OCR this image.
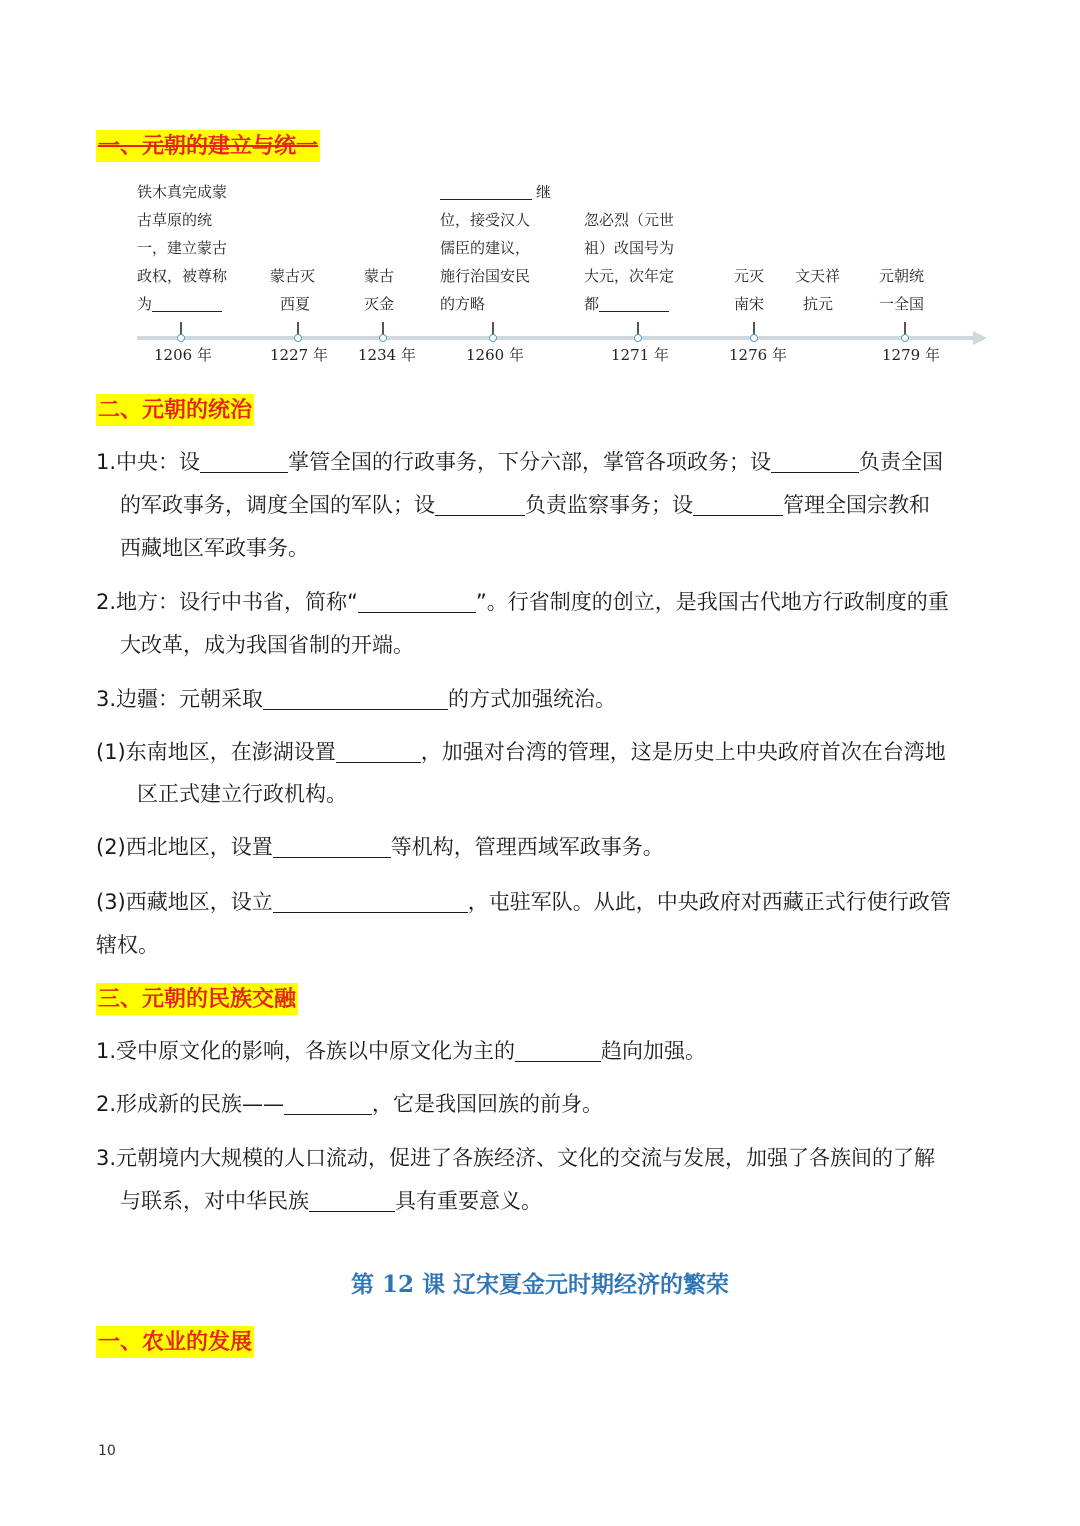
一、元朝的建立与统一
铁木真完成蒙
古草原的统
一，建立蒙古
政权，被尊称
为
蒙古灭
西夏
蒙古
灭金
继
位，接受汉人
儒臣的建议，
施行治国安民
的方略
忽必烈（元世
祖）改国号为
大元，次年定
都
元灭
南宋
文天祥
抗元
元朝统
一全国
1206 年	1227 年 1234 年	1260 年	1271 年	1276 年	1279 年
二、元朝的统治
1.中央：设	掌管全国的行政事务，下分六部，掌管各项政务；设	负责全国
的军政事务，调度全国的军队；设	负责监察事务；设	管理全国宗教和
西藏地区军政事务。
2.地方：设行中书省，简称“	”。行省制度的创立，是我国古代地方行政制度的重
大改革，成为我国省制的开端。
3.边疆：元朝采取	的方式加强统治。
(1)东南地区，在澎湖设置	，加强对台湾的管理，这是历史上中央政府首次在台湾地
区正式建立行政机构。
(2)西北地区，设置	等机构，管理西域军政事务。
(3)西藏地区，设立	，屯驻军队。从此，中央政府对西藏正式行使行政管
辖权。
三、元朝的民族交融
1.受中原文化的影响，各族以中原文化为主的	趋向加强。
2.形成新的民族——	，它是我国回族的前身。
3.元朝境内大规模的人口流动，促进了各族经济、文化的交流与发展，加强了各族间的了解
与联系，对中华民族	具有重要意义。
第 12 课 辽宋夏金元时期经济的繁荣
一、农业的发展
10
